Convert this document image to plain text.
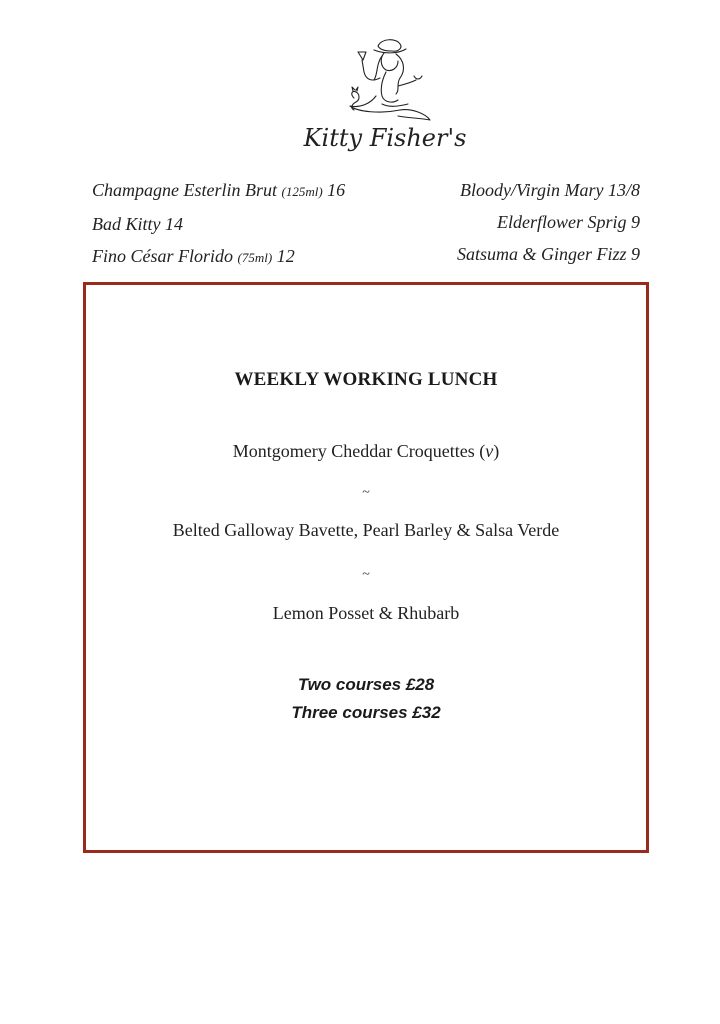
Kitty Fisher's
Champagne Esterlin Brut (125ml) 16
Bad Kitty 14
Fino César Florido (75ml) 12
Bloody/Virgin Mary 13/8
Elderflower Sprig 9
Satsuma & Ginger Fizz 9
WEEKLY WORKING LUNCH
Montgomery Cheddar Croquettes (v)
~
Belted Galloway Bavette, Pearl Barley & Salsa Verde
~
Lemon Posset & Rhubarb
Two courses £28
Three courses £32
